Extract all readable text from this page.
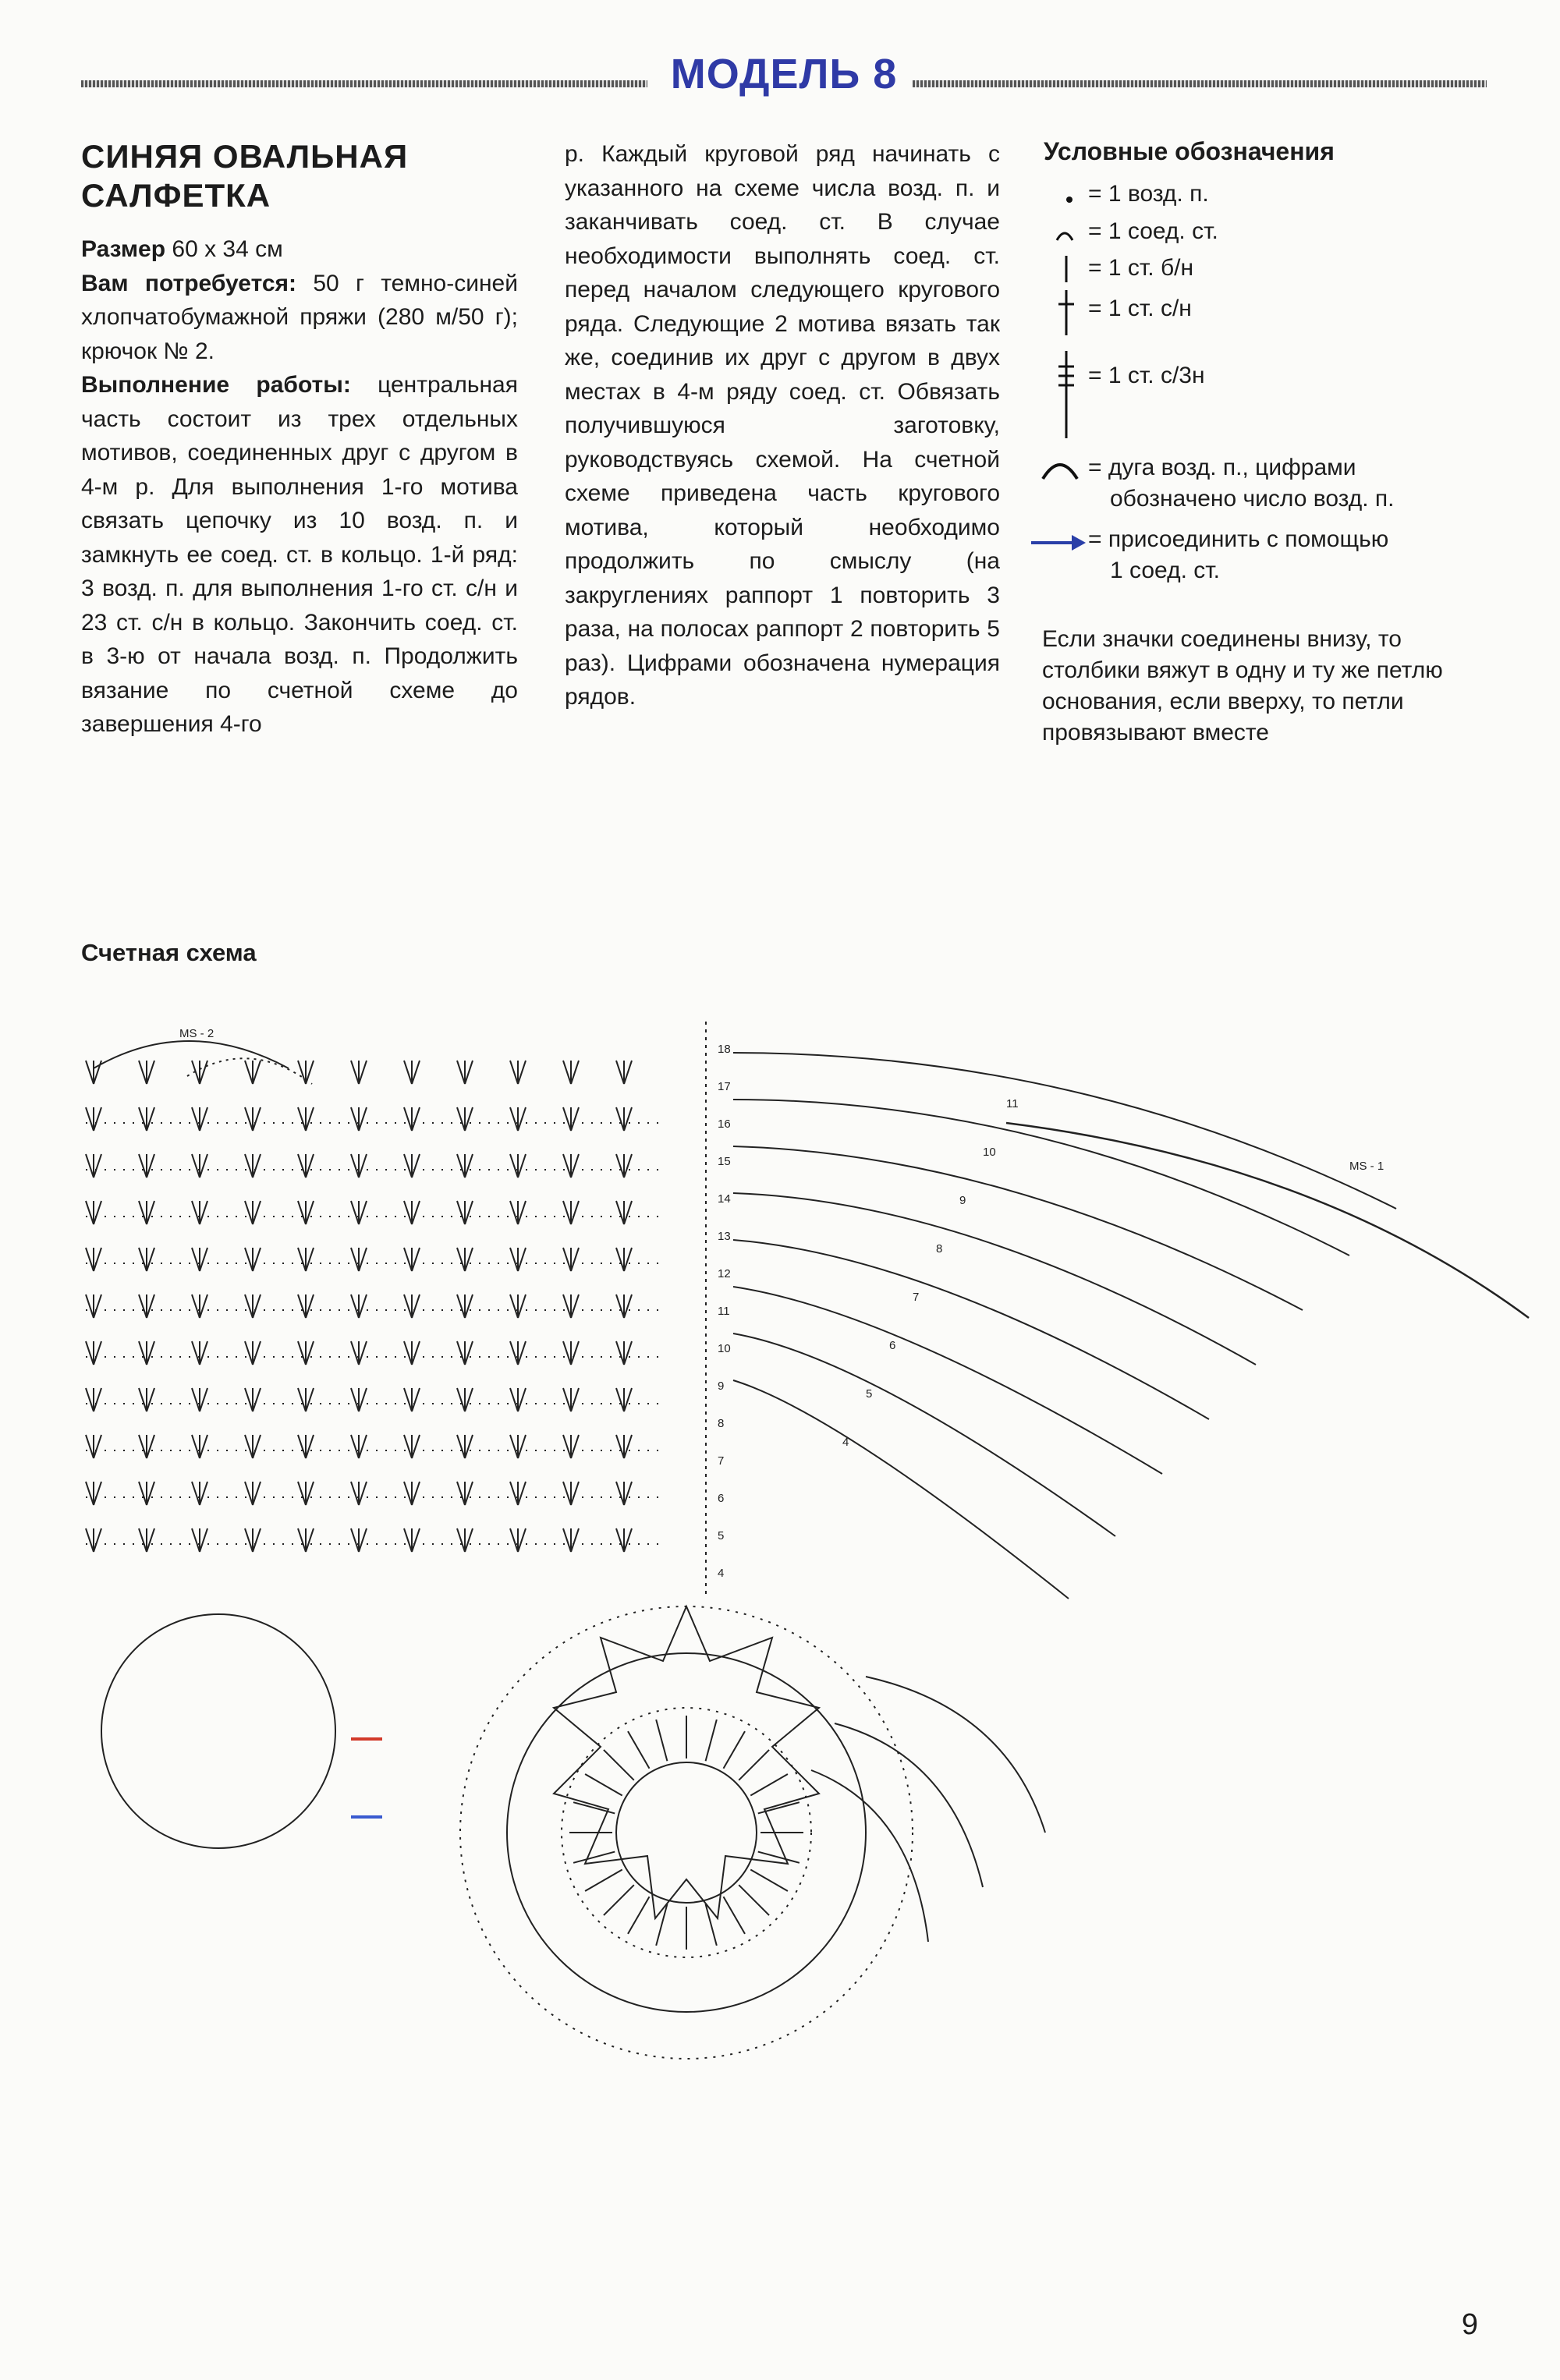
МОДЕЛЬ 8
СИНЯЯ ОВАЛЬНАЯ
САЛФЕТКА
Размер 60 х 34 см
Вам потребуется: 50 г темно-синей хлопчатобумажной пряжи (280 м/50 г); крючок № 2.
Выполнение работы: центральная часть состоит из трех отдельных мотивов, соединенных друг с другом в 4-м р. Для выполнения 1-го мотива связать цепочку из 10 возд. п. и замкнуть ее соед. ст. в кольцо. 1-й ряд: 3 возд. п. для выполнения 1-го ст. с/н и 23 ст. с/н в кольцо. Закончить соед. ст. в 3-ю от начала возд. п. Продолжить вязание по счетной схеме до завершения 4-го
р. Каждый круговой ряд начинать с указанного на схеме числа возд. п. и заканчивать соед. ст. В случае необходимости выполнять соед. ст. перед началом следующего кругового ряда. Следующие 2 мотива вязать так же, соединив их друг с другом в двух местах в 4-м ряду соед. ст. Обвязать получившуюся заготовку, руководствуясь схемой. На счетной схеме приведена часть кругового мотива, который необходимо продолжить по смыслу (на закруглениях раппорт 1 повторить 3 раза, на полосах раппорт 2 повторить 5 раз). Цифрами обозначена нумерация рядов.
Условные обозначения
= 1 возд. п.
= 1 соед. ст.
= 1 ст. б/н
= 1 ст. с/н
= 1 ст. с/3н
= дуга возд. п., цифрами
обозначено число возд. п.
= присоединить с помощью
1 соед. ст.
Если значки соединены внизу, то столбики вяжут в одну и ту же петлю основания, если вверху, то петли провязывают вместе
Счетная схема
MS - 2
MS - 1
18
17
16
15
14
13
12
11
10
9
8
7
6
5
4
11
10
9
8
7
6
5
4
9
